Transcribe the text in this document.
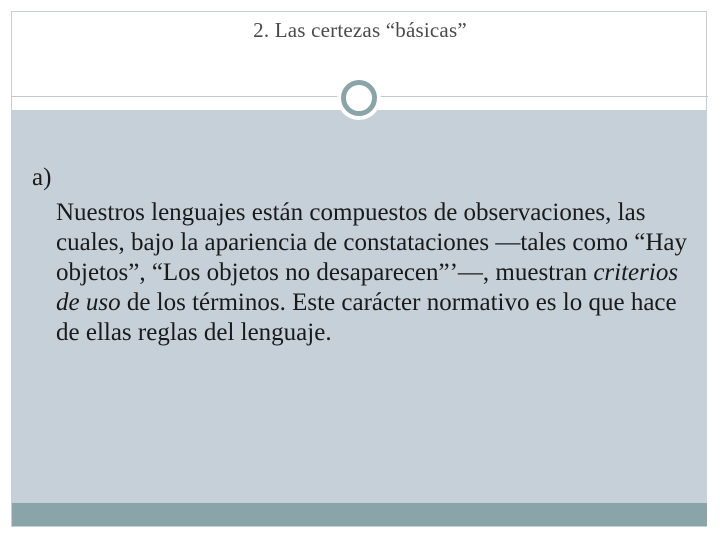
2. Las certezas “básicas”
a)

Nuestros lenguajes están compuestos de observaciones, las cuales, bajo la apariencia de constataciones —tales como “Hay objetos”, “Los objetos no desaparecen”’—, muestran criterios de uso de los términos. Este carácter normativo es lo que hace de ellas reglas del lenguaje.
